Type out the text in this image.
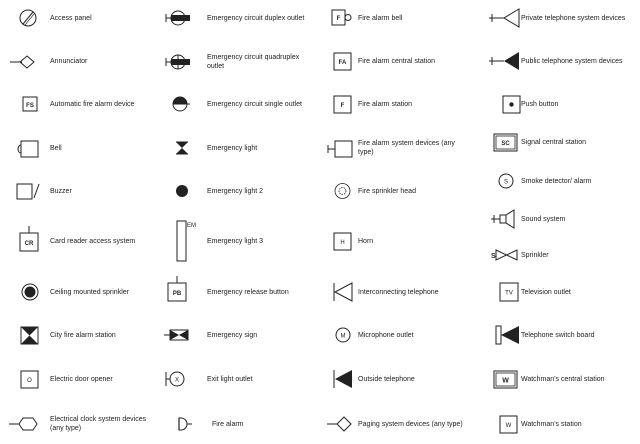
Access panel
Annunciator
FS Automatic fire alarm device
Bell
Buzzer
CR Card reader access system
Ceiling mounted sprinkler
City fire alarm station
O	Electric door opener
Electrical clock system devices (any type)
Emergency circuit duplex outlet
Emergency circuit quadruplex outlet
Emergency circuit single outlet
Emergency light
Emergency light 2
EM
Emergency light 3
PB	Emergency release button
Emergency sign
X	Exit light outlet
Fire alarm
F	Fire alarm bell
FA Fire alarm central station
F Fire alarm station
Fire alarm system devices (any type)
Fire sprinkler head
H Horn
Interconnecting telephone
M Microphone outlet
Outside telephone
Paging system devices (any type)
Private telephone system devices
Public telephone system devices
Push button
SC Signal central station
S Smoke detector/ alarm
Sound system
S	Sprinkler
TV Television outlet
Telephone switch board
W Watchman's central station
W Watchman's station
